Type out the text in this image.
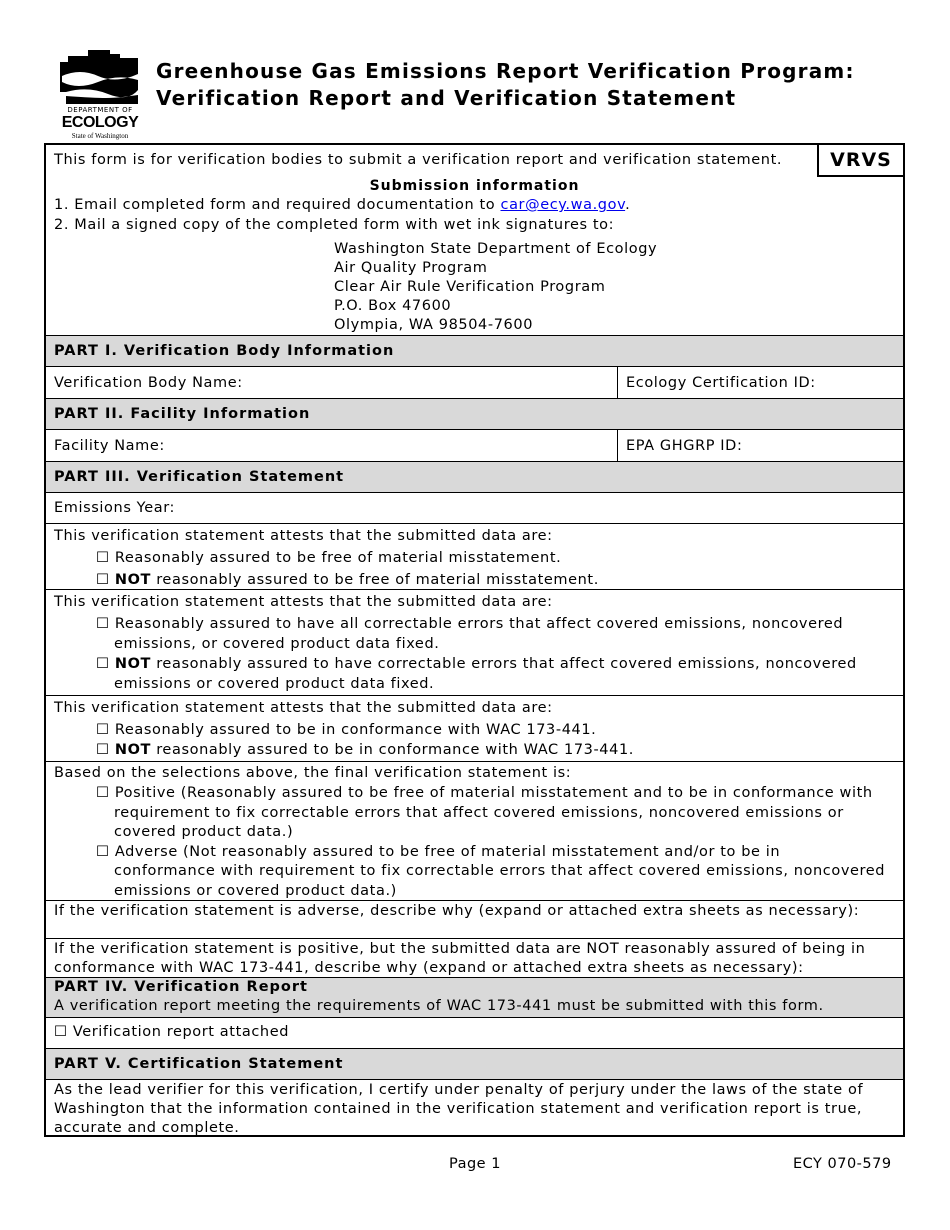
DEPARTMENT OF
ECOLOGY
State of Washington
Greenhouse Gas Emissions Report Verification Program:
Verification Report and Verification Statement
VRVS
This form is for verification bodies to submit a verification report and verification statement.
Submission information
1. Email completed form and required documentation to car@ecy.wa.gov.
2. Mail a signed copy of the completed form with wet ink signatures to:
Washington State Department of Ecology
Air Quality Program
Clear Air Rule Verification Program
P.O. Box 47600
Olympia, WA 98504-7600
PART I. Verification Body Information
Verification Body Name:	Ecology Certification ID:
PART II. Facility Information
Facility Name:	EPA GHGRP ID:
PART III. Verification Statement
Emissions Year:
This verification statement attests that the submitted data are:
☐ Reasonably assured to be free of material misstatement.
☐ NOT reasonably assured to be free of material misstatement.
This verification statement attests that the submitted data are:
☐ Reasonably assured to have all correctable errors that affect covered emissions, noncovered emissions, or covered product data fixed.
☐ NOT reasonably assured to have correctable errors that affect covered emissions, noncovered emissions or covered product data fixed.
This verification statement attests that the submitted data are:
☐ Reasonably assured to be in conformance with WAC 173-441.
☐ NOT reasonably assured to be in conformance with WAC 173-441.
Based on the selections above, the final verification statement is:
☐ Positive (Reasonably assured to be free of material misstatement and to be in conformance with requirement to fix correctable errors that affect covered emissions, noncovered emissions or covered product data.)
☐ Adverse (Not reasonably assured to be free of material misstatement and/or to be in conformance with requirement to fix correctable errors that affect covered emissions, noncovered emissions or covered product data.)
If the verification statement is adverse, describe why (expand or attached extra sheets as necessary):
If the verification statement is positive, but the submitted data are NOT reasonably assured of being in conformance with WAC 173-441, describe why (expand or attached extra sheets as necessary):
PART IV. Verification Report
A verification report meeting the requirements of WAC 173-441 must be submitted with this form.
☐ Verification report attached
PART V. Certification Statement
As the lead verifier for this verification, I certify under penalty of perjury under the laws of the state of Washington that the information contained in the verification statement and verification report is true, accurate and complete.
Page 1	ECY 070-579
